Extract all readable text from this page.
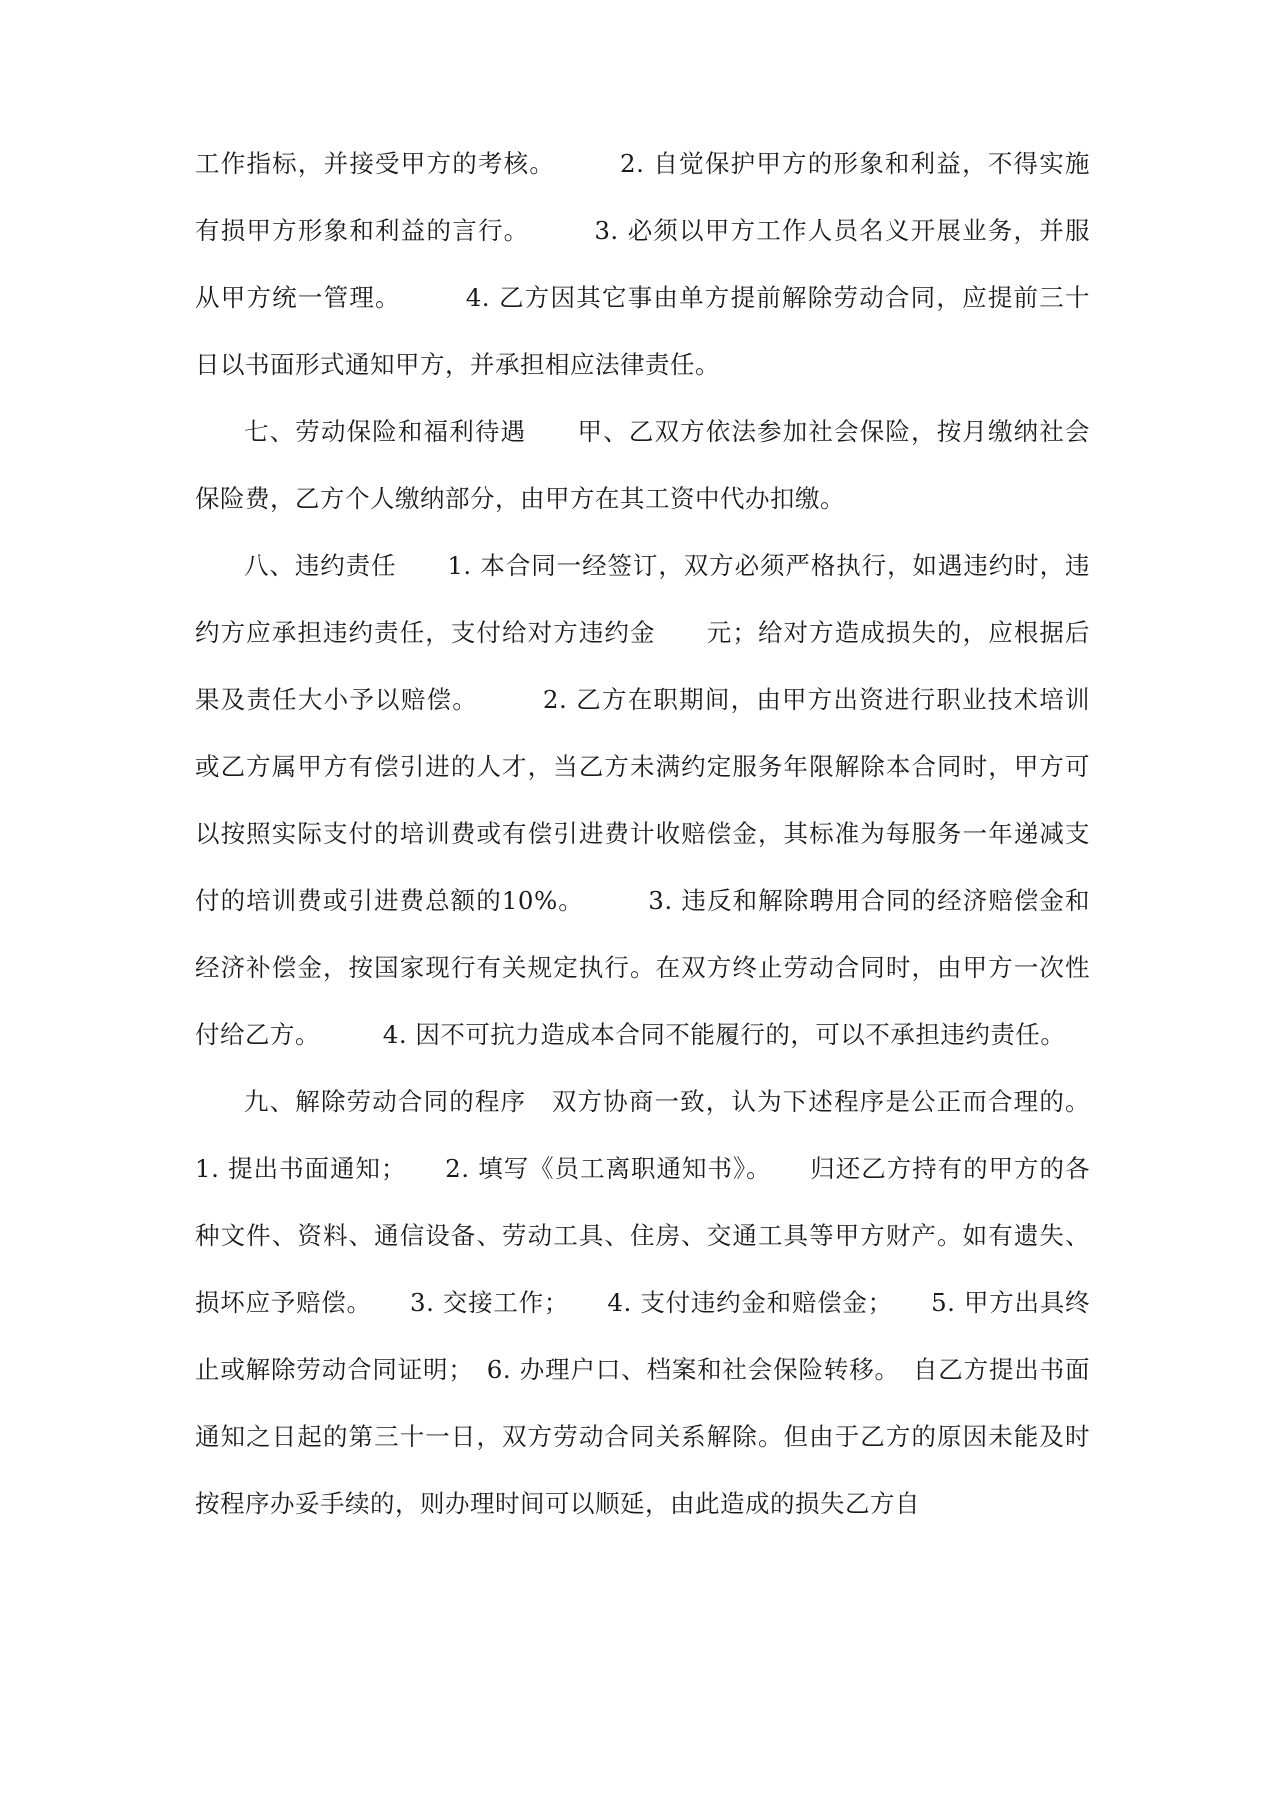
工作指标，并接受甲方的考核。　　　2. 自觉保护甲方的形象和利益，不得实施有损甲方形象和利益的言行。　　　3. 必须以甲方工作人员名义开展业务，并服从甲方统一管理。　　　4. 乙方因其它事由单方提前解除劳动合同，应提前三十日以书面形式通知甲方，并承担相应法律责任。

七、劳动保险和福利待遇　　甲、乙双方依法参加社会保险，按月缴纳社会保险费，乙方个人缴纳部分，由甲方在其工资中代办扣缴。

八、违约责任　　1. 本合同一经签订，双方必须严格执行，如遇违约时，违约方应承担违约责任，支付给对方违约金　　元；给对方造成损失的，应根据后果及责任大小予以赔偿。　　　2. 乙方在职期间，由甲方出资进行职业技术培训或乙方属甲方有偿引进的人才，当乙方未满约定服务年限解除本合同时，甲方可以按照实际支付的培训费或有偿引进费计收赔偿金，其标准为每服务一年递减支付的培训费或引进费总额的10%。　　　3. 违反和解除聘用合同的经济赔偿金和经济补偿金，按国家现行有关规定执行。在双方终止劳动合同时，由甲方一次性付给乙方。　　　4. 因不可抗力造成本合同不能履行的，可以不承担违约责任。

九、解除劳动合同的程序　双方协商一致，认为下述程序是公正而合理的。1. 提出书面通知；　　2. 填写《员工离职通知书》。　　归还乙方持有的甲方的各种文件、资料、通信设备、劳动工具、住房、交通工具等甲方财产。如有遗失、损坏应予赔偿。　　3. 交接工作；　　4. 支付违约金和赔偿金；　　5. 甲方出具终止或解除劳动合同证明；　6. 办理户口、档案和社会保险转移。　自乙方提出书面通知之日起的第三十一日，双方劳动合同关系解除。但由于乙方的原因未能及时按程序办妥手续的，则办理时间可以顺延，由此造成的损失乙方自
